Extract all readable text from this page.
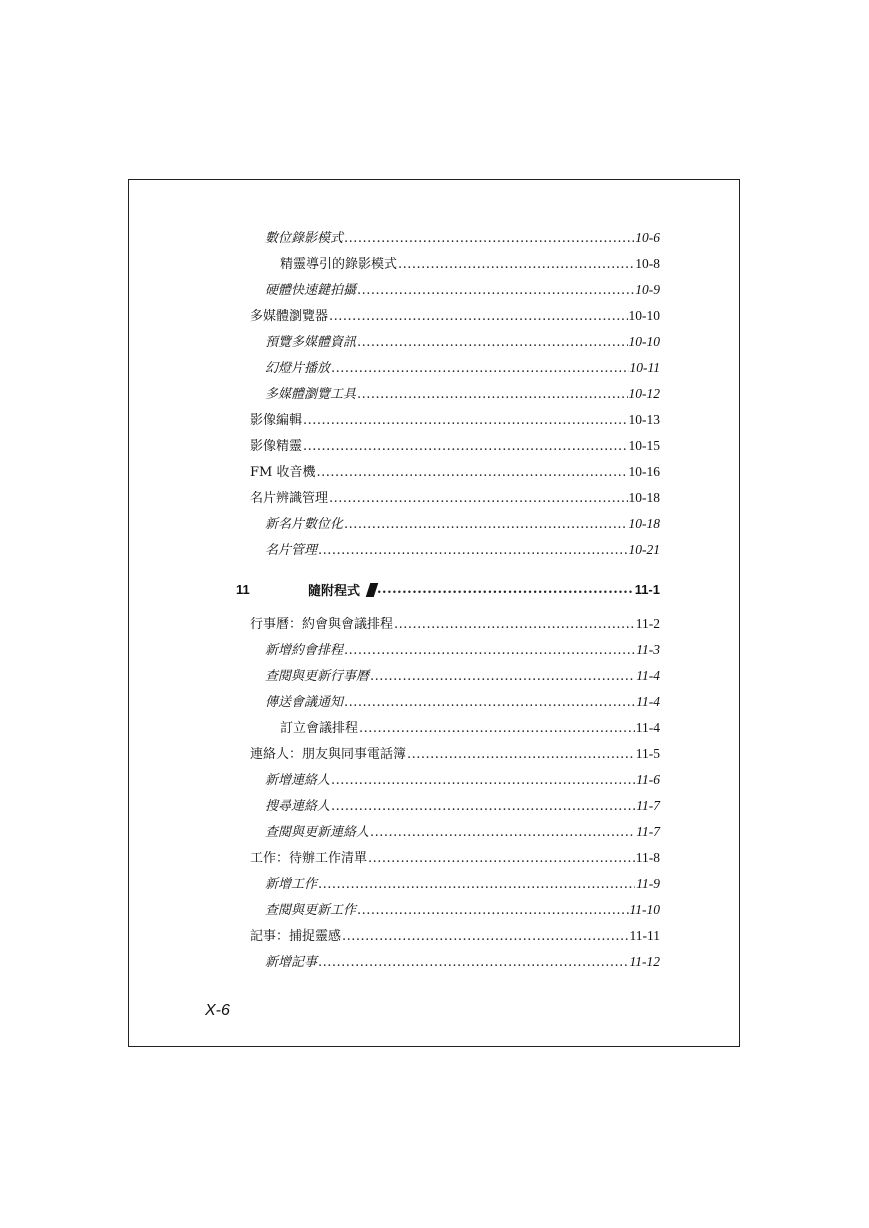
數位錄影模式 .....	10-6
精靈導引的錄影模式 .....	10-8
硬體快速鍵拍攝 .....	10-9
多媒體瀏覽器 .....	10-10
預覽多媒體資訊 .....	10-10
幻燈片播放 .....	10-11
多媒體瀏覽工具 .....	10-12
影像編輯 .....	10-13
影像精靈 .....	10-15
FM 收音機 .....	10-16
名片辨識管理 .....	10-18
新名片數位化 .....	10-18
名片管理 .....	10-21
11	隨附程式 .....	11-1
行事曆：約會與會議排程 .....	11-2
新增約會排程 .....	11-3
查閱與更新行事曆 .....	11-4
傳送會議通知 .....	11-4
訂立會議排程 .....	11-4
連絡人：朋友與同事電話簿 .....	11-5
新增連絡人 .....	11-6
搜尋連絡人 .....	11-7
查閱與更新連絡人 .....	11-7
工作：待辦工作清單 .....	11-8
新增工作 .....	11-9
查閱與更新工作 .....	11-10
記事：捕捉靈感 .....	11-11
新增記事 .....	11-12
X-6
